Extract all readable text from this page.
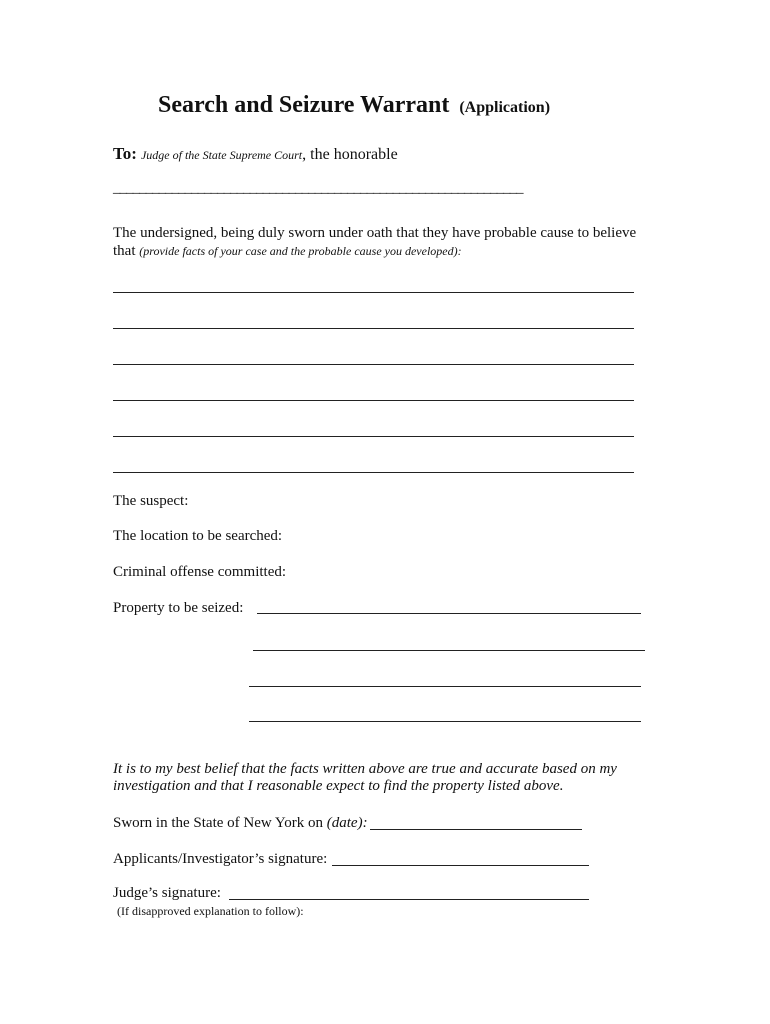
Search and Seizure Warrant (Application)
To: Judge of the State Supreme Court, the honorable
_______________________________________________________________
The undersigned, being duly sworn under oath that they have probable cause to believe
that (provide facts of your case and the probable cause you developed):
The suspect:
The location to be searched:
Criminal offense committed:
Property to be seized:
It is to my best belief that the facts written above are true and accurate based on my
investigation and that I reasonable expect to find the property listed above.
Sworn in the State of New York on (date):
Applicants/Investigator’s signature:
Judge’s signature:
(If disapproved explanation to follow):
